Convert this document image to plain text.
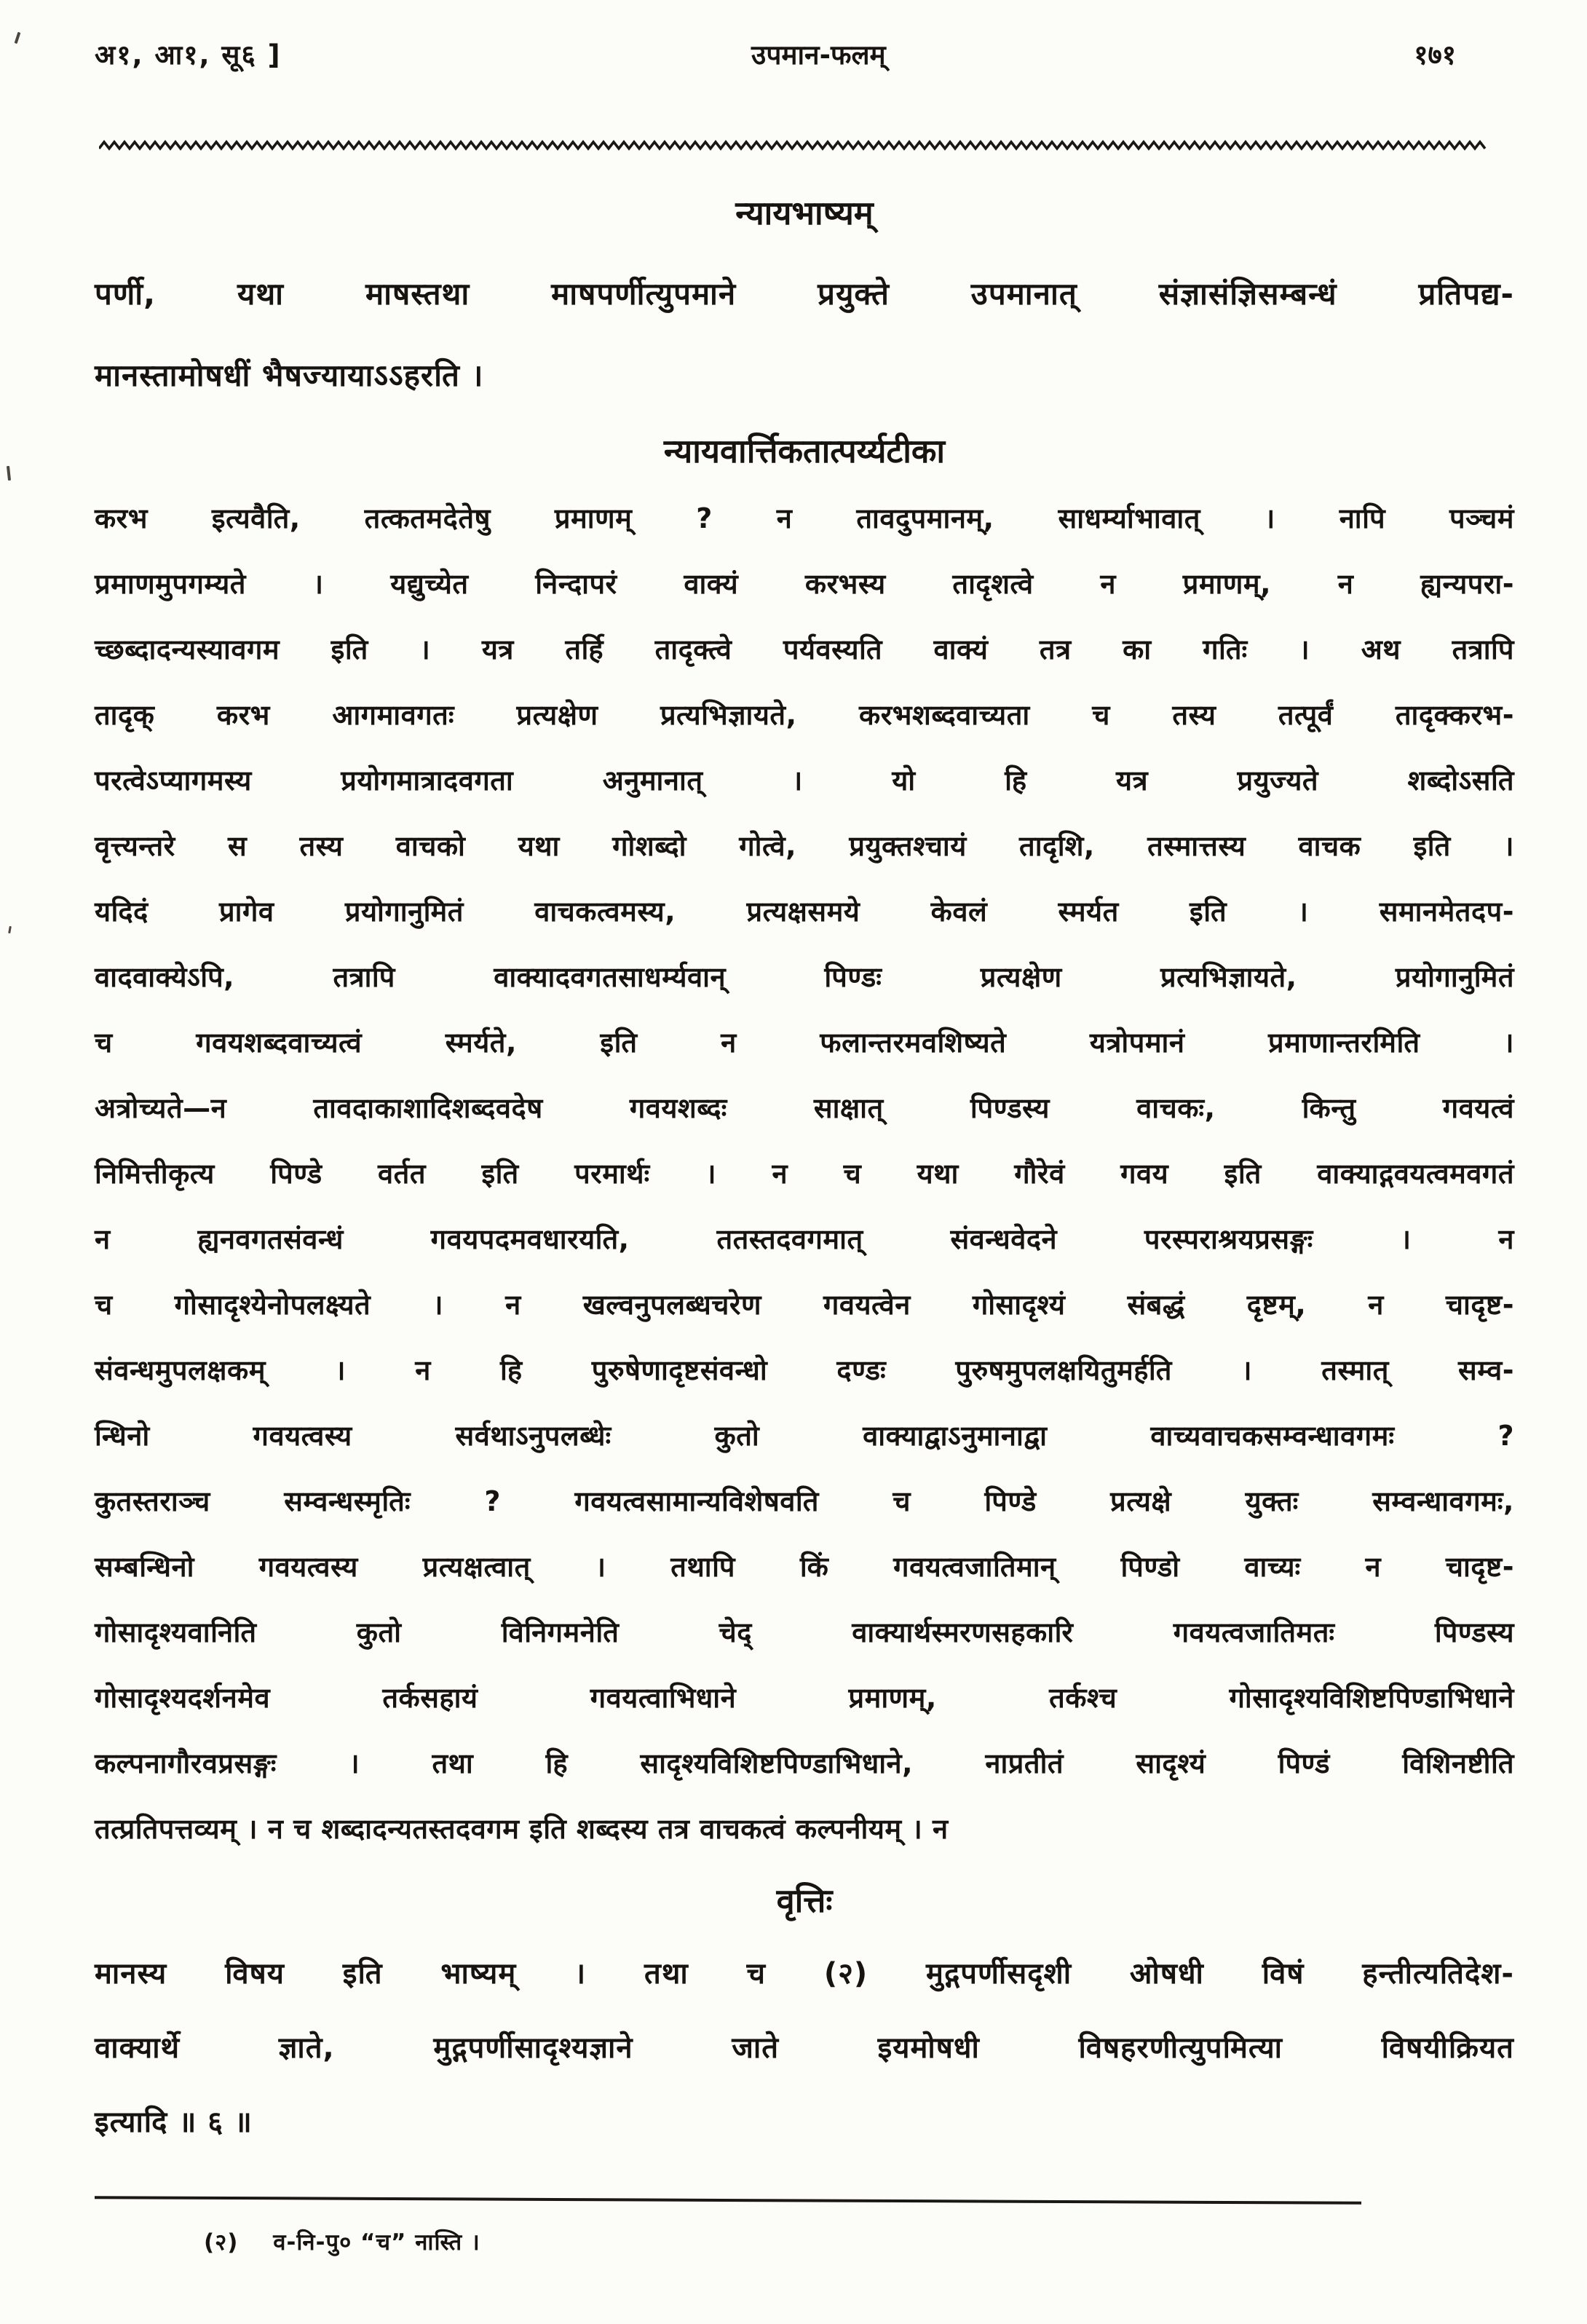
अ१, आ१, सू६ ]	उपमान-फलम्	१७१
न्यायभाष्यम्
पर्णी, यथा माषस्तथा माषपर्णीत्युपमाने प्रयुक्ते उपमानात् संज्ञासंज्ञिसम्बन्धं प्रतिपद्य-
मानस्तामोषधीं भैषज्यायाऽऽहरति ।
न्यायवार्त्तिकतात्पर्य्यटीका
करभ इत्यवैति, तत्कतमदेतेषु प्रमाणम् ? न तावदुपमानम्, साधर्म्याभावात् । नापि पञ्चमं
प्रमाणमुपगम्यते । यद्युच्येत निन्दापरं वाक्यं करभस्य तादृशत्वे न प्रमाणम्, न ह्यन्यपरा-
च्छब्दादन्यस्यावगम इति । यत्र तर्हि तादृक्त्वे पर्यवस्यति वाक्यं तत्र का गतिः । अथ तत्रापि
तादृक् करभ आगमावगतः प्रत्यक्षेण प्रत्यभिज्ञायते, करभशब्दवाच्यता च तस्य तत्पूर्वं तादृक्करभ-
परत्वेऽप्यागमस्य प्रयोगमात्रादवगता अनुमानात् । यो हि यत्र प्रयुज्यते शब्दोऽसति
वृत्त्यन्तरे स तस्य वाचको यथा गोशब्दो गोत्वे, प्रयुक्तश्चायं तादृशि, तस्मात्तस्य वाचक इति ।
यदिदं प्रागेव प्रयोगानुमितं वाचकत्वमस्य, प्रत्यक्षसमये केवलं स्मर्यत इति । समानमेतदप-
वादवाक्येऽपि, तत्रापि वाक्यादवगतसाधर्म्यवान् पिण्डः प्रत्यक्षेण प्रत्यभिज्ञायते, प्रयोगानुमितं
च गवयशब्दवाच्यत्वं स्मर्यते, इति न फलान्तरमवशिष्यते यत्रोपमानं प्रमाणान्तरमिति ।
अत्रोच्यते—न तावदाकाशादिशब्दवदेष गवयशब्दः साक्षात् पिण्डस्य वाचकः, किन्तु गवयत्वं
निमित्तीकृत्य पिण्डे वर्तत इति परमार्थः । न च यथा गौरेवं गवय इति वाक्याद्गवयत्वमवगतं
न ह्यनवगतसंवन्धं गवयपदमवधारयति, ततस्तदवगमात् संवन्धवेदने परस्पराश्रयप्रसङ्गः । न
च गोसादृश्येनोपलक्ष्यते । न खल्वनुपलब्धचरेण गवयत्वेन गोसादृश्यं संबद्धं दृष्टम्, न चादृष्ट-
संवन्धमुपलक्षकम् । न हि पुरुषेणादृष्टसंवन्धो दण्डः पुरुषमुपलक्षयितुमर्हति । तस्मात् सम्व-
न्धिनो गवयत्वस्य सर्वथाऽनुपलब्धेः कुतो वाक्याद्वाऽनुमानाद्वा वाच्यवाचकसम्वन्धावगमः ?
कुतस्तराञ्च सम्वन्धस्मृतिः ? गवयत्वसामान्यविशेषवति च पिण्डे प्रत्यक्षे युक्तः सम्वन्धावगमः,
सम्बन्धिनो गवयत्वस्य प्रत्यक्षत्वात् । तथापि किं गवयत्वजातिमान् पिण्डो वाच्यः न चादृष्ट-
गोसादृश्यवानिति कुतो विनिगमनेति चेद् वाक्यार्थस्मरणसहकारि गवयत्वजातिमतः पिण्डस्य
गोसादृश्यदर्शनमेव तर्कसहायं गवयत्वाभिधाने प्रमाणम्, तर्कश्च गोसादृश्यविशिष्टपिण्डाभिधाने
कल्पनागौरवप्रसङ्गः । तथा हि सादृश्यविशिष्टपिण्डाभिधाने, नाप्रतीतं सादृश्यं पिण्डं विशिनष्टीति
तत्प्रतिपत्तव्यम् । न च शब्दादन्यतस्तदवगम इति शब्दस्य तत्र वाचकत्वं कल्पनीयम् । न
वृत्तिः
मानस्य विषय इति भाष्यम् । तथा च (२) मुद्गपर्णीसदृशी ओषधी विषं हन्तीत्यतिदेश-
वाक्यार्थे ज्ञाते, मुद्गपर्णीसादृश्यज्ञाने जाते इयमोषधी विषहरणीत्युपमित्या विषयीक्रियत
इत्यादि ॥ ६ ॥
(२) व-नि-पु० “च” नास्ति ।
